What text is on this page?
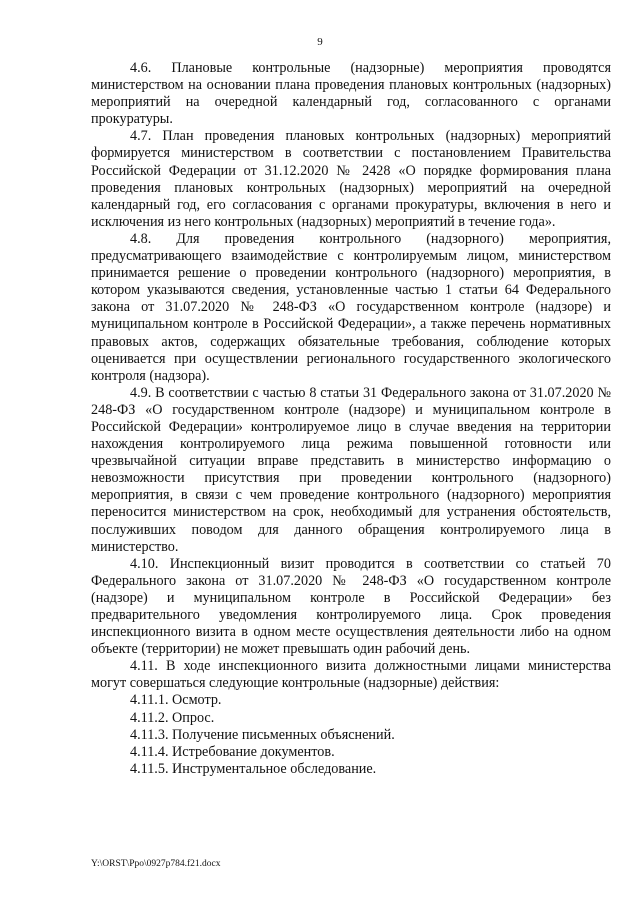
9

4.6. Плановые контрольные (надзорные) мероприятия проводятся министерством на основании плана проведения плановых контрольных (надзорных) мероприятий на очередной календарный год, согласованного с органами прокуратуры.

4.7. План проведения плановых контрольных (надзорных) мероприятий формируется министерством в соответствии с постановлением Правительства Российской Федерации от 31.12.2020 № 2428 «О порядке формирования плана проведения плановых контрольных (надзорных) мероприятий на очередной календарный год, его согласования с органами прокуратуры, включения в него и исключения из него контрольных (надзорных) мероприятий в течение года».

4.8. Для проведения контрольного (надзорного) мероприятия, предусматривающего взаимодействие с контролируемым лицом, министерством принимается решение о проведении контрольного (надзорного) мероприятия, в котором указываются сведения, установленные частью 1 статьи 64 Федерального закона от 31.07.2020 № 248-ФЗ «О государственном контроле (надзоре) и муниципальном контроле в Российской Федерации», а также перечень нормативных правовых актов, содержащих обязательные требования, соблюдение которых оценивается при осуществлении регионального государственного экологического контроля (надзора).

4.9. В соответствии с частью 8 статьи 31 Федерального закона от 31.07.2020 № 248-ФЗ «О государственном контроле (надзоре) и муниципальном контроле в Российской Федерации» контролируемое лицо в случае введения на территории нахождения контролируемого лица режима повышенной готовности или чрезвычайной ситуации вправе представить в министерство информацию о невозможности присутствия при проведении контрольного (надзорного) мероприятия, в связи с чем проведение контрольного (надзорного) мероприятия переносится министерством на срок, необходимый для устранения обстоятельств, послуживших поводом для данного обращения контролируемого лица в министерство.

4.10. Инспекционный визит проводится в соответствии со статьей 70 Федерального закона от 31.07.2020 № 248-ФЗ «О государственном контроле (надзоре) и муниципальном контроле в Российской Федерации» без предварительного уведомления контролируемого лица. Срок проведения инспекционного визита в одном месте осуществления деятельности либо на одном объекте (территории) не может превышать один рабочий день.

4.11. В ходе инспекционного визита должностными лицами министерства могут совершаться следующие контрольные (надзорные) действия:

4.11.1. Осмотр.

4.11.2. Опрос.

4.11.3. Получение письменных объяснений.

4.11.4. Истребование документов.

4.11.5. Инструментальное обследование.

Y:\ORST\Ppo\0927p784.f21.docx
